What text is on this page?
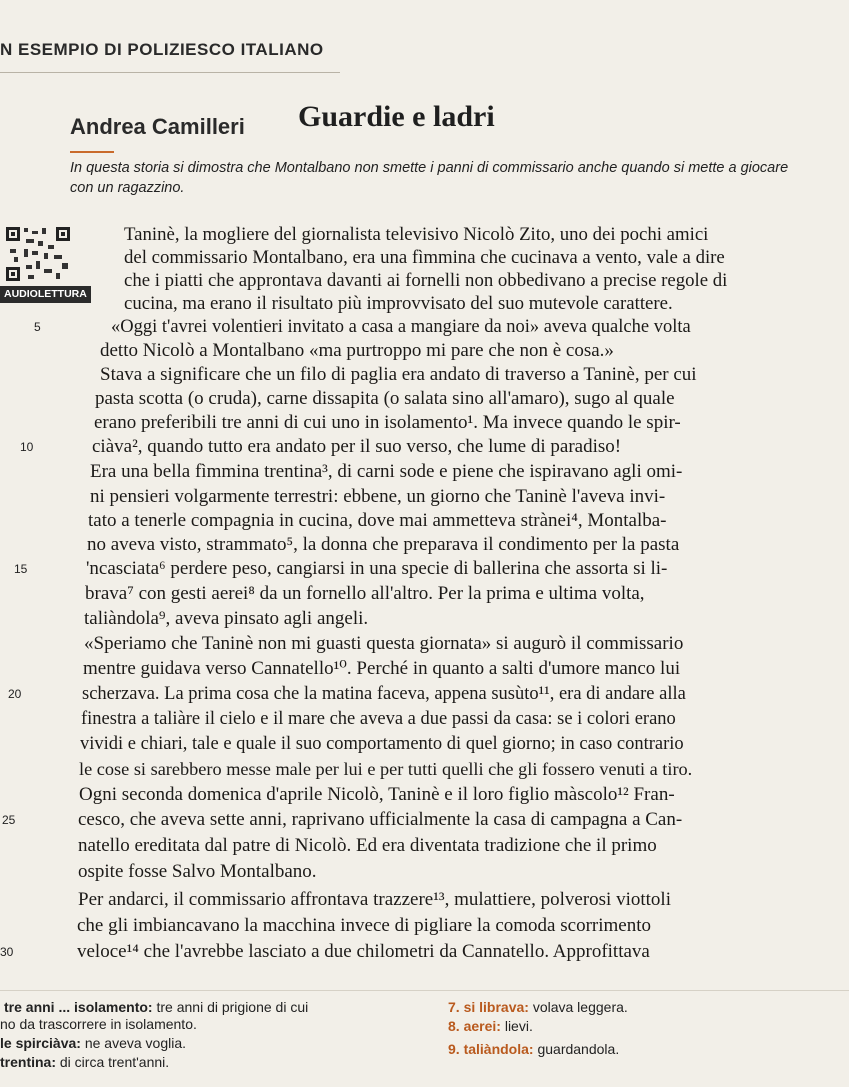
N ESEMPIO DI POLIZIESCO ITALIANO
Andrea Camilleri Guardie e ladri
In questa storia si dimostra che Montalbano non smette i panni di commissario anche quando si mette a giocare con un ragazzino.
AUDIOLETTURA
Taninè, la mogliere del giornalista televisivo Nicolò Zito, uno dei pochi amici
del commissario Montalbano, era una fìmmina che cucinava a vento, vale a dire
che i piatti che approntava davanti ai fornelli non obbedivano a precise regole di
cucina, ma erano il risultato più improvvisato del suo mutevole carattere.
«Oggi t'avrei volentieri invitato a casa a mangiare da noi» aveva qualche volta
detto Nicolò a Montalbano «ma purtroppo mi pare che non è cosa.»
Stava a significare che un filo di paglia era andato di traverso a Taninè, per cui
pasta scotta (o cruda), carne dissapita (o salata sino all'amaro), sugo al quale
erano preferibili tre anni di cui uno in isolamento¹. Ma invece quando le spir-
ciàva², quando tutto era andato per il suo verso, che lume di paradiso!
Era una bella fìmmina trentina³, di carni sode e piene che ispiravano agli omi-
ni pensieri volgarmente terrestri: ebbene, un giorno che Taninè l'aveva invi-
tato a tenerle compagnia in cucina, dove mai ammetteva strànei⁴, Montalba-
no aveva visto, strammato⁵, la donna che preparava il condimento per la pasta
'ncasciata⁶ perdere peso, cangiarsi in una specie di ballerina che assorta si li-
brava⁷ con gesti aerei⁸ da un fornello all'altro. Per la prima e ultima volta,
taliàndola⁹, aveva pinsato agli angeli.
«Speriamo che Taninè non mi guasti questa giornata» si augurò il commissario
mentre guidava verso Cannatello¹⁰. Perché in quanto a salti d'umore manco lui
scherzava. La prima cosa che la matina faceva, appena susùto¹¹, era di andare alla
finestra a taliàre il cielo e il mare che aveva a due passi da casa: se i colori erano
vividi e chiari, tale e quale il suo comportamento di quel giorno; in caso contrario
le cose si sarebbero messe male per lui e per tutti quelli che gli fossero venuti a tiro.
Ogni seconda domenica d'aprile Nicolò, Taninè e il loro figlio màscolo¹² Fran-
cesco, che aveva sette anni, raprivano ufficialmente la casa di campagna a Can-
natello ereditata dal patre di Nicolò. Ed era diventata tradizione che il primo
ospite fosse Salvo Montalbano.
Per andarci, il commissario affrontava trazzere¹³, mulattiere, polverosi viottoli
che gli imbiancavano la macchina invece di pigliare la comoda scorrimento
veloce¹⁴ che l'avrebbe lasciato a due chilometri da Cannatello. Approfittava
5
10
15
20
25
30
tre anni ... isolamento: tre anni di prigione di cui
no da trascorrere in isolamento.
le spirciàva: ne aveva voglia.
trentina: di circa trent'anni.
7. si librava: volava leggera.
8. aerei: lievi.
9. taliàndola: guardandola.
